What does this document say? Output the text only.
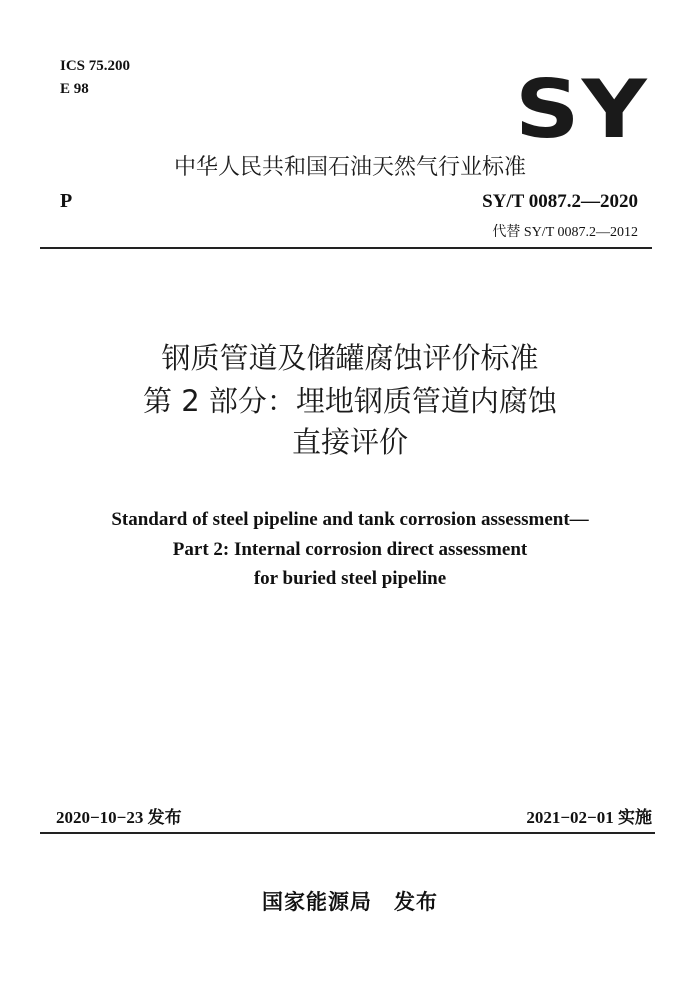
ICS 75.200
E 98	SY
中华人民共和国石油天然气行业标准
P	SY/T 0087.2—2020
代替 SY/T 0087.2—2012
钢质管道及储罐腐蚀评价标准
第 2 部分：埋地钢质管道内腐蚀
直接评价
Standard of steel pipeline and tank corrosion assessment—
Part 2: Internal corrosion direct assessment
for buried steel pipeline
2020−10−23 发布	2021−02−01 实施
国家能源局　发布
